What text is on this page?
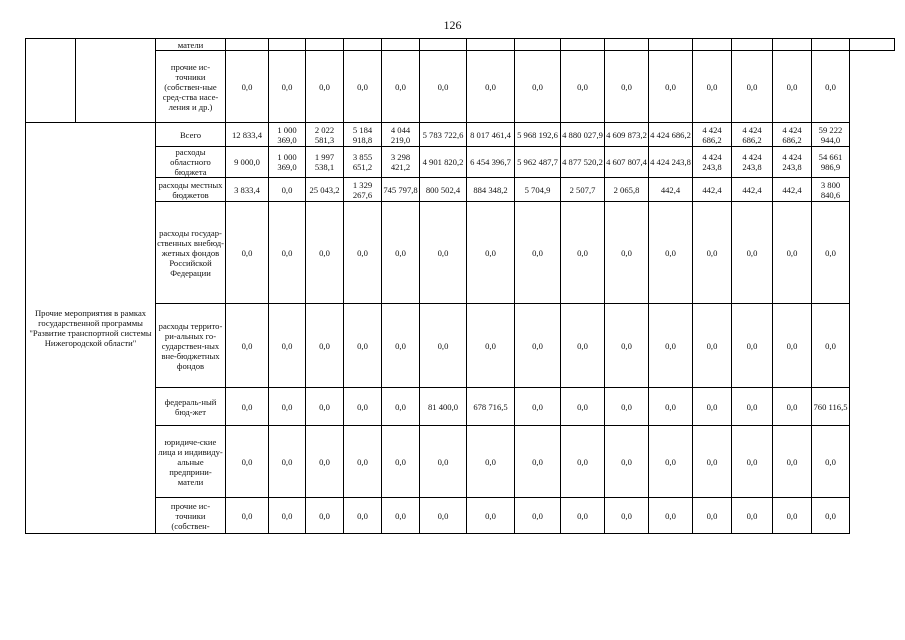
126
		матели																
		прочие ис-точники (собствен-ные сред-ства насе-ления и др.)	0,0	0,0	0,0	0,0	0,0	0,0	0,0	0,0	0,0	0,0	0,0	0,0	0,0	0,0	0,0	
Прочие мероприятия в рамках государственной программы "Развитие транспортной системы Нижегородской области"		Всего	12 833,4	1 000 369,0	2 022 581,3	5 184 918,8	4 044 219,0	5 783 722,6	8 017 461,4	5 968 192,6	4 880 027,9	4 609 873,2	4 424 686,2	4 424 686,2	4 424 686,2	4 424 686,2	59 222 944,0	
		расходы областного бюджета	9 000,0	1 000 369,0	1 997 538,1	3 855 651,2	3 298 421,2	4 901 820,2	6 454 396,7	5 962 487,7	4 877 520,2	4 607 807,4	4 424 243,8	4 424 243,8	4 424 243,8	4 424 243,8	54 661 986,9	
		расходы местных бюджетов	3 833,4	0,0	25 043,2	1 329 267,6	745 797,8	800 502,4	884 348,2	5 704,9	2 507,7	2 065,8	442,4	442,4	442,4	442,4	3 800 840,6	
		расходы государ-ственных внебюд-жетных фондов Российской Федерации	0,0	0,0	0,0	0,0	0,0	0,0	0,0	0,0	0,0	0,0	0,0	0,0	0,0	0,0	0,0	
		расходы террито-ри-альных го-сударствен-ных вне-бюджетных фондов	0,0	0,0	0,0	0,0	0,0	0,0	0,0	0,0	0,0	0,0	0,0	0,0	0,0	0,0	0,0	
		федераль-ный бюд-жет	0,0	0,0	0,0	0,0	0,0	81 400,0	678 716,5	0,0	0,0	0,0	0,0	0,0	0,0	0,0	760 116,5	
		юридиче-ские лица и индивиду-альные предприни-матели	0,0	0,0	0,0	0,0	0,0	0,0	0,0	0,0	0,0	0,0	0,0	0,0	0,0	0,0	0,0	
		прочие ис-точники (собствен-	0,0	0,0	0,0	0,0	0,0	0,0	0,0	0,0	0,0	0,0	0,0	0,0	0,0	0,0	0,0	
